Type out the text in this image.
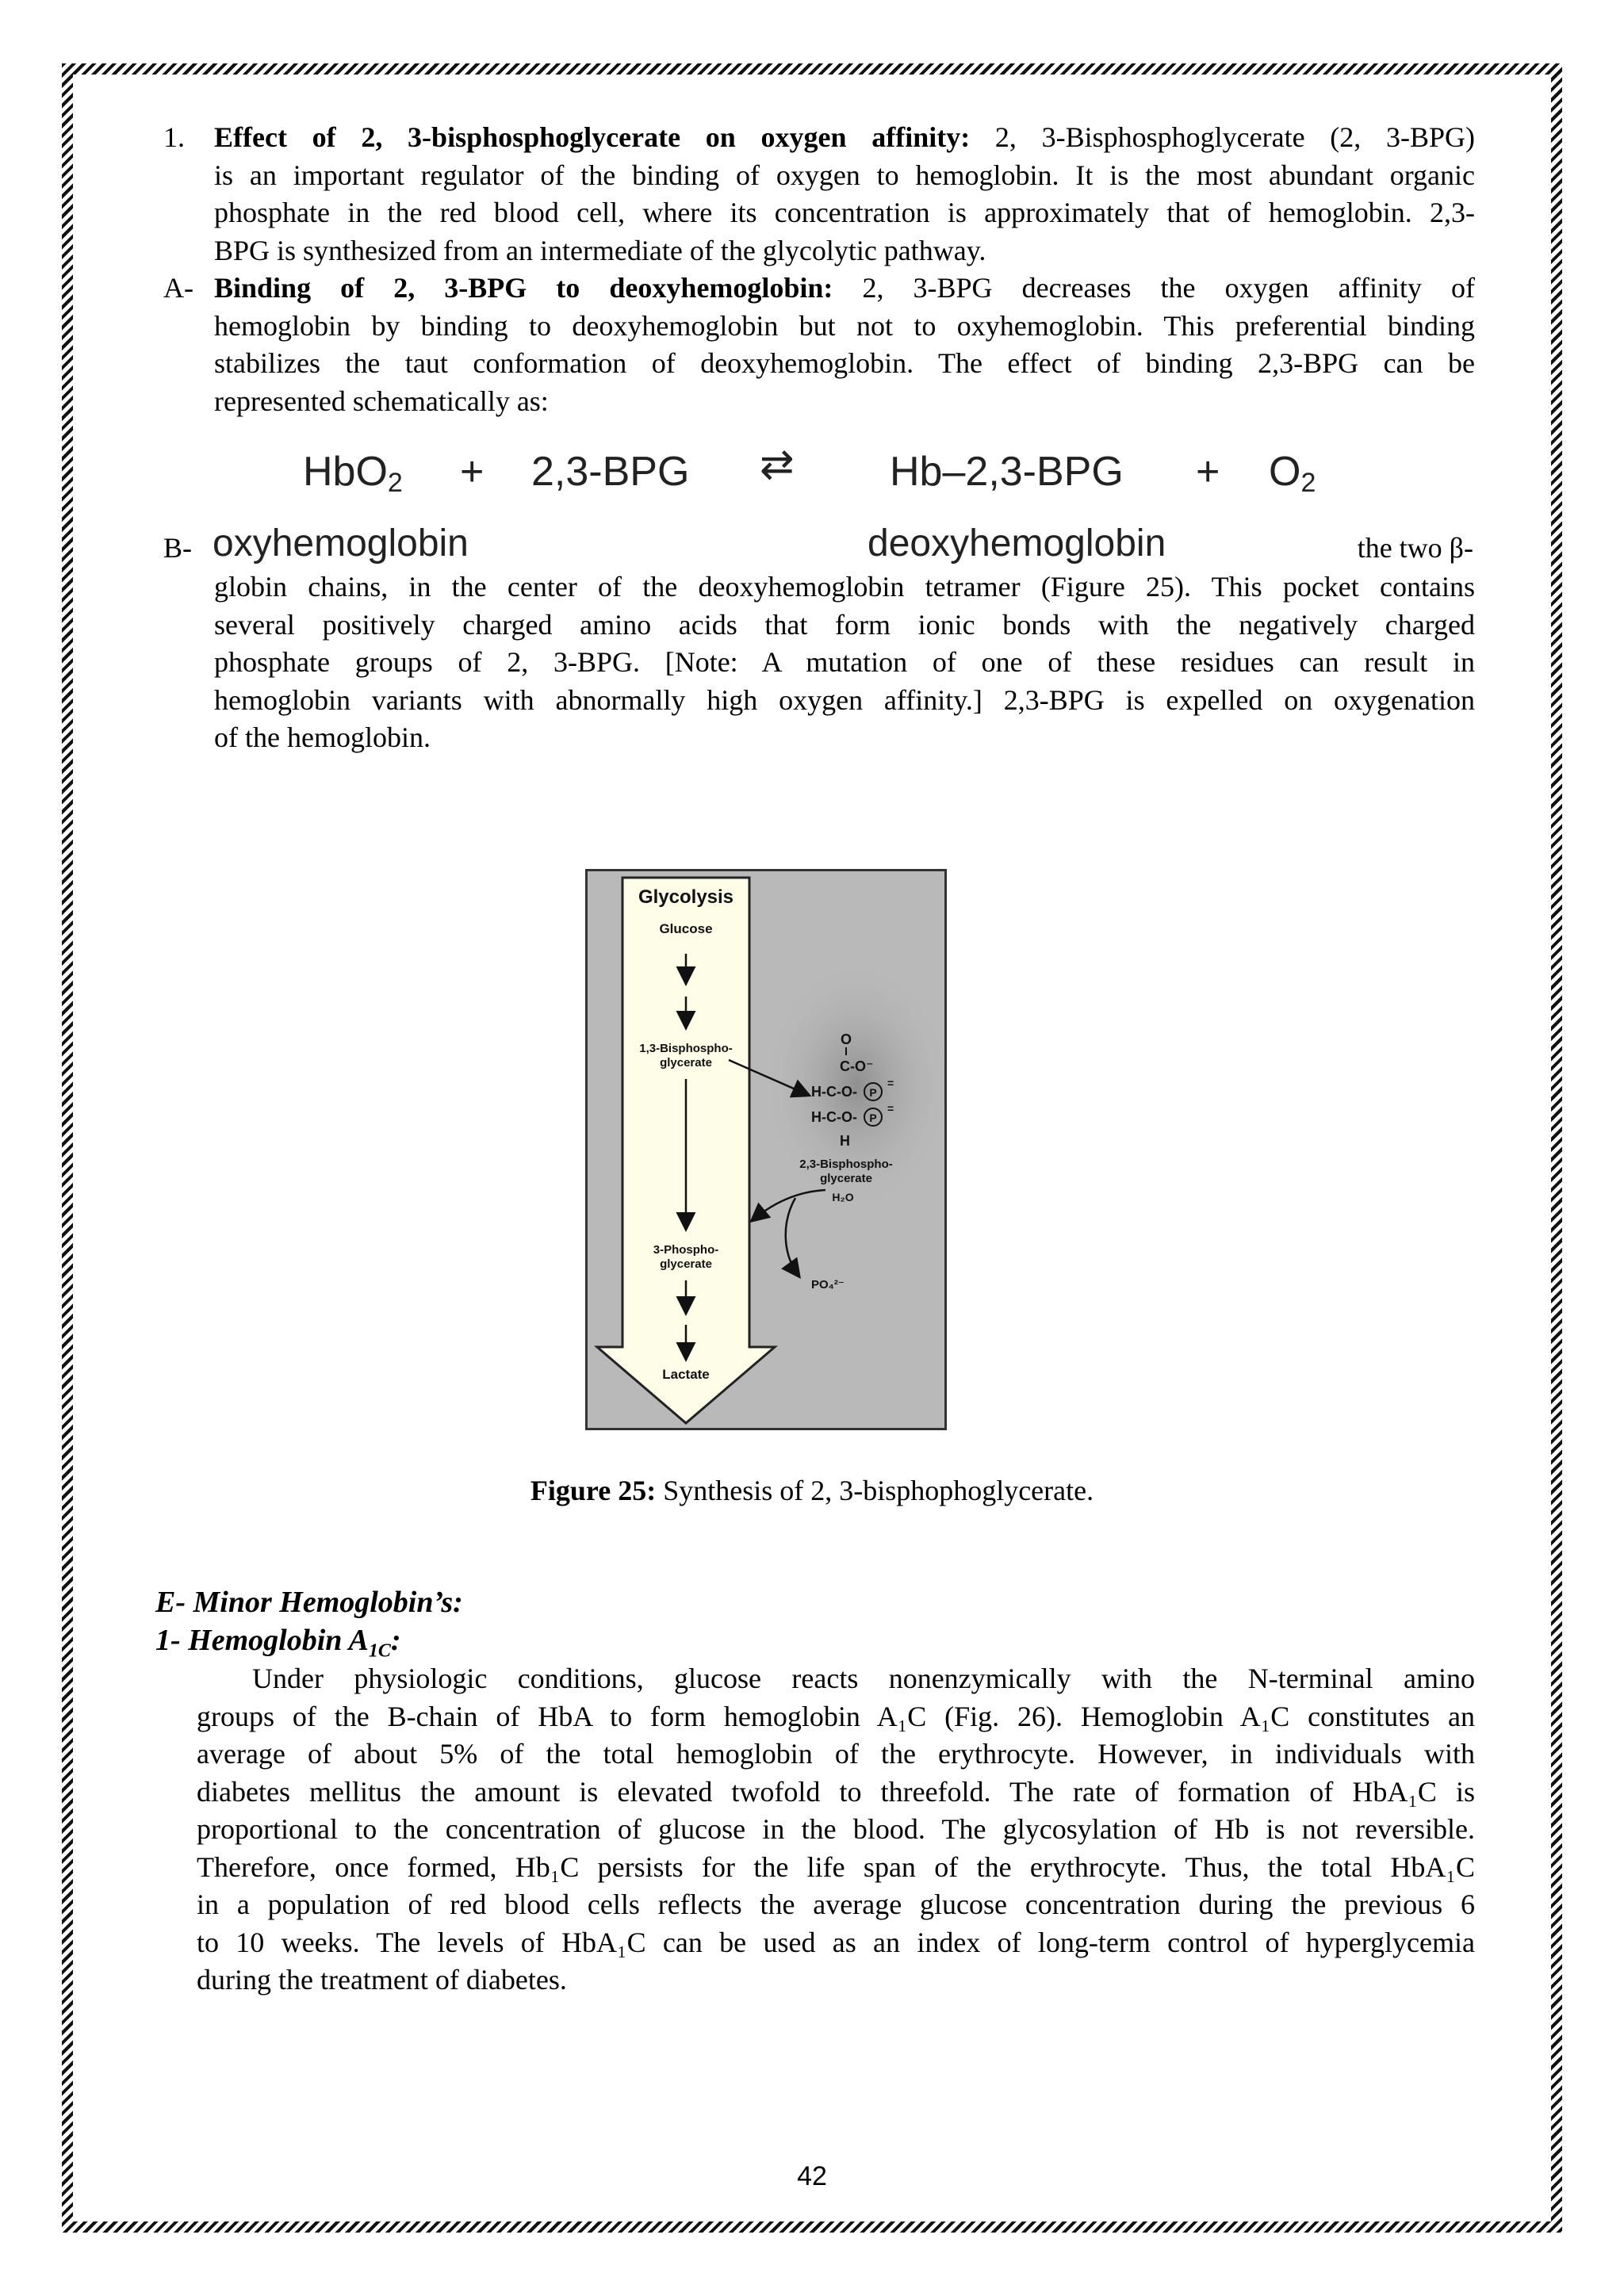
1. Effect of 2, 3-bisphosphoglycerate on oxygen affinity: 2, 3-Bisphosphoglycerate (2, 3-BPG)
is an important regulator of the binding of oxygen to hemoglobin. It is the most abundant organic
phosphate in the red blood cell, where its concentration is approximately that of hemoglobin. 2,3-
BPG is synthesized from an intermediate of the glycolytic pathway.
A- Binding of 2, 3-BPG to deoxyhemoglobin: 2, 3-BPG decreases the oxygen affinity of
hemoglobin by binding to deoxyhemoglobin but not to oxyhemoglobin. This preferential binding
stabilizes the taut conformation of deoxyhemoglobin. The effect of binding 2,3-BPG can be
represented schematically as:
HbO$_2$ + 2,3-BPG ⇄ $Hb-2,3-BPG + O_2$
B- oxyhemoglobin	deoxyhemoglobin	the two β-
globin chains, in the center of the deoxyhemoglobin tetramer (Figure 25). This pocket contains
several positively charged amino acids that form ionic bonds with the negatively charged
phosphate groups of 2, 3-BPG. [Note: A mutation of one of these residues can result in
hemoglobin variants with abnormally high oxygen affinity.] 2,3-BPG is expelled on oxygenation
of the hemoglobin.
Glycolysis
Glucose
1,3-Bisphospho-
glycerate
3-Phospho-
glycerate
Lactate
O
C-O⁻
H-C-O- P
=
H-C-O- P
=
H
2,3-Bisphospho-
glycerate
H₂O
PO₄²⁻
Figure 25: Synthesis of 2, 3-bisphophoglycerate.
E- Minor Hemoglobin’s:
1- Hemoglobin $A_{1C}$:
Under physiologic conditions, glucose reacts nonenzymically with the N-terminal amino
groups of the B-chain of HbA to form hemoglobin A₁C (Fig. 26). Hemoglobin A₁C constitutes an
average of about 5% of the total hemoglobin of the erythrocyte. However, in individuals with
diabetes mellitus the amount is elevated twofold to threefold. The rate of formation of HbA₁C is
proportional to the concentration of glucose in the blood. The glycosylation of Hb is not reversible.
Therefore, once formed, Hb₁C persists for the life span of the erythrocyte. Thus, the total HbA₁C
in a population of red blood cells reflects the average glucose concentration during the previous 6
to 10 weeks. The levels of HbA₁C can be used as an index of long-term control of hyperglycemia
during the treatment of diabetes.
42
